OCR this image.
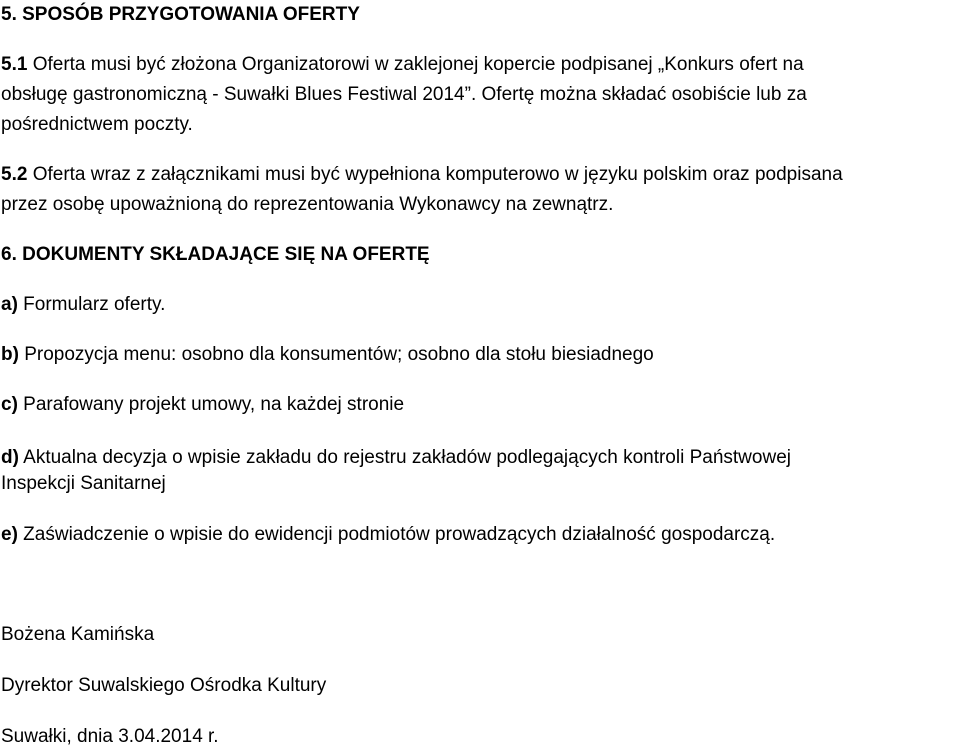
5. SPOSÓB PRZYGOTOWANIA OFERTY
5.1 Oferta musi być złożona Organizatorowi w zaklejonej kopercie podpisanej „Konkurs ofert na
obsługę gastronomiczną - Suwałki Blues Festiwal 2014”. Ofertę można składać osobiście lub za
pośrednictwem poczty.
5.2 Oferta wraz z załącznikami musi być wypełniona komputerowo w języku polskim oraz podpisana
przez osobę upoważnioną do reprezentowania Wykonawcy na zewnątrz.
6. DOKUMENTY SKŁADAJĄCE SIĘ NA OFERTĘ
a) Formularz oferty.
b) Propozycja menu: osobno dla konsumentów; osobno dla stołu biesiadnego
c) Parafowany projekt umowy, na każdej stronie
d) Aktualna decyzja o wpisie zakładu do rejestru zakładów podlegających kontroli Państwowej
Inspekcji Sanitarnej
e) Zaświadczenie o wpisie do ewidencji podmiotów prowadzących działalność gospodarczą.
Bożena Kamińska
Dyrektor Suwalskiego Ośrodka Kultury
Suwałki, dnia 3.04.2014 r.
